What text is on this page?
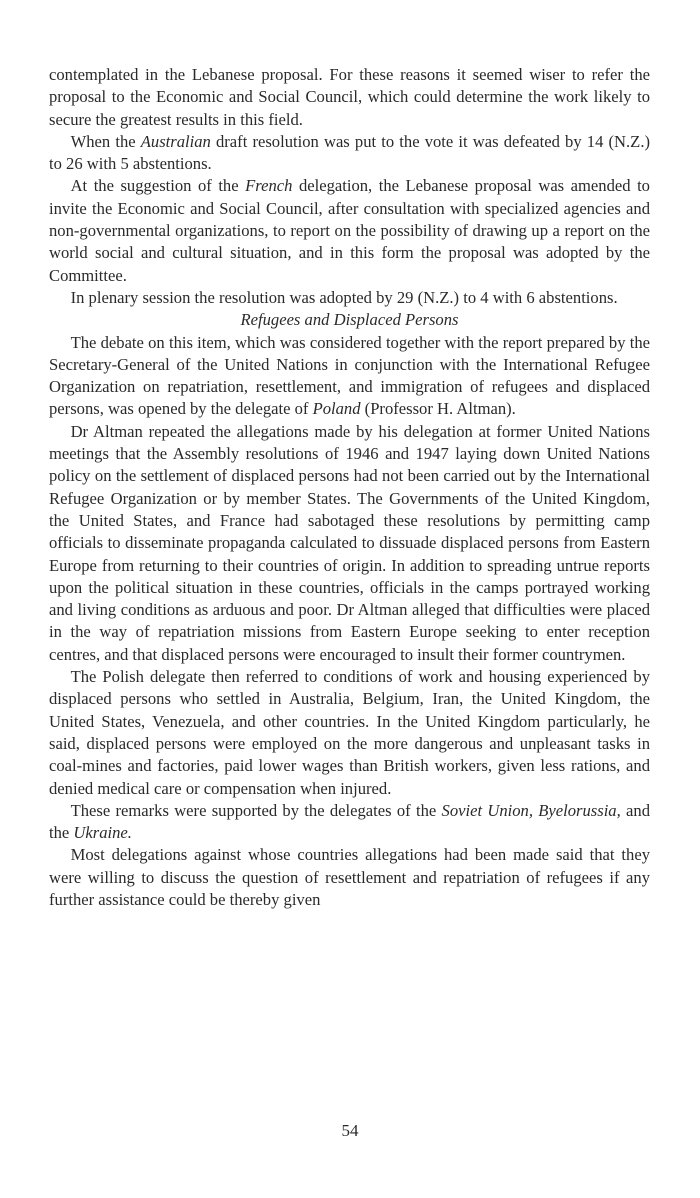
contemplated in the Lebanese proposal. For these reasons it seemed wiser to refer the proposal to the Economic and Social Council, which could determine the work likely to secure the greatest results in this field.

When the Australian draft resolution was put to the vote it was defeated by 14 (N.Z.) to 26 with 5 abstentions.

At the suggestion of the French delegation, the Lebanese proposal was amended to invite the Economic and Social Council, after consultation with specialized agencies and non-governmental organizations, to report on the possibility of drawing up a report on the world social and cultural situation, and in this form the proposal was adopted by the Committee.

In plenary session the resolution was adopted by 29 (N.Z.) to 4 with 6 abstentions.

Refugees and Displaced Persons

The debate on this item, which was considered together with the report prepared by the Secretary-General of the United Nations in conjunction with the International Refugee Organization on repatriation, resettlement, and immigration of refugees and displaced persons, was opened by the delegate of Poland (Professor H. Altman).

Dr Altman repeated the allegations made by his delegation at former United Nations meetings that the Assembly resolutions of 1946 and 1947 laying down United Nations policy on the settlement of displaced persons had not been carried out by the International Refugee Organization or by member States. The Governments of the United Kingdom, the United States, and France had sabotaged these resolutions by permitting camp officials to disseminate propaganda calculated to dissuade displaced persons from Eastern Europe from returning to their countries of origin. In addition to spreading untrue reports upon the political situation in these countries, officials in the camps portrayed working and living conditions as arduous and poor. Dr Altman alleged that difficulties were placed in the way of repatriation missions from Eastern Europe seeking to enter reception centres, and that displaced persons were encouraged to insult their former countrymen.

The Polish delegate then referred to conditions of work and housing experienced by displaced persons who settled in Australia, Belgium, Iran, the United Kingdom, the United States, Venezuela, and other countries. In the United Kingdom particularly, he said, displaced persons were employed on the more dangerous and unpleasant tasks in coal-mines and factories, paid lower wages than British workers, given less rations, and denied medical care or compensation when injured.

These remarks were supported by the delegates of the Soviet Union, Byelorussia, and the Ukraine.

Most delegations against whose countries allegations had been made said that they were willing to discuss the question of resettlement and repatriation of refugees if any further assistance could be thereby given

54
